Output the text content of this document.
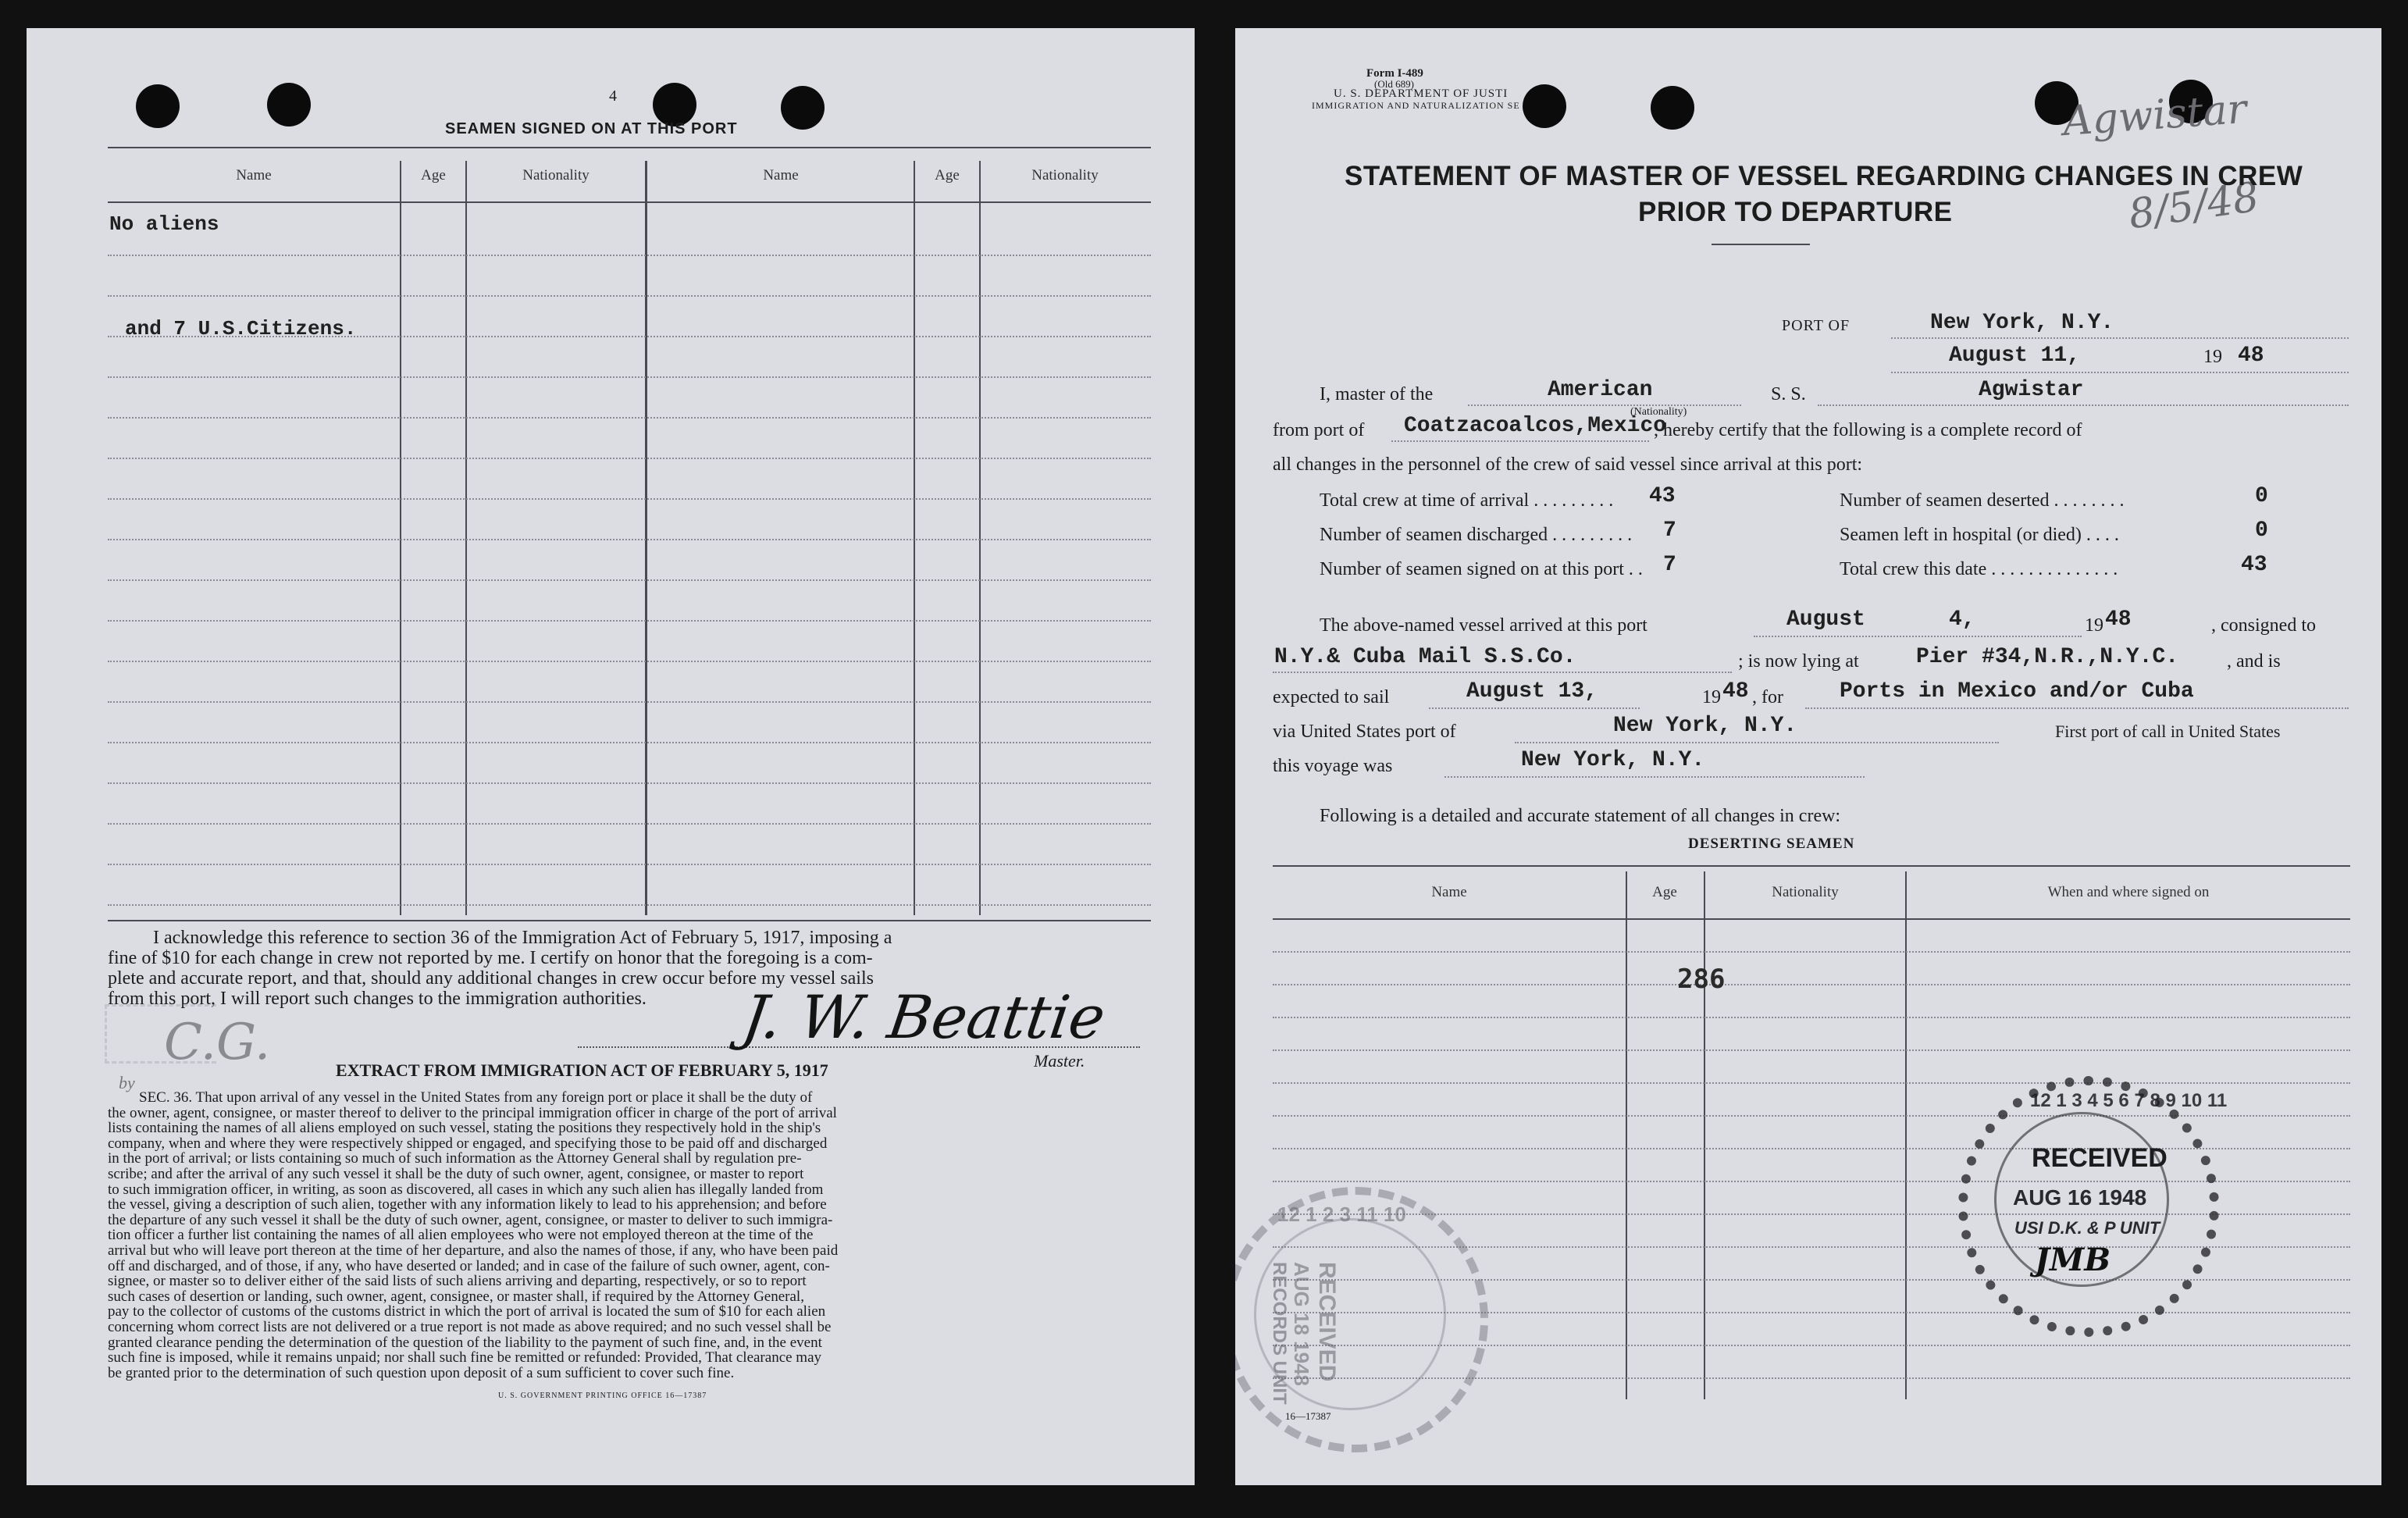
4
SEAMEN SIGNED ON AT THIS PORT
Name	Age	Nationality	Name	Age	Nationality
No aliens
and 7 U.S.Citizens.
I acknowledge this reference to section 36 of the Immigration Act of February 5, 1917, imposing a
fine of $10 for each change in crew not reported by me. I certify on honor that the foregoing is a com-
plete and accurate report, and that, should any additional changes in crew occur before my vessel sails
from this port, I will report such changes to the immigration authorities.
by
C.G.	J. W. Beattie
Master.
EXTRACT FROM IMMIGRATION ACT OF FEBRUARY 5, 1917
SEC. 36. That upon arrival of any vessel in the United States from any foreign port or place it shall be the duty of
the owner, agent, consignee, or master thereof to deliver to the principal immigration officer in charge of the port of arrival
lists containing the names of all aliens employed on such vessel, stating the positions they respectively hold in the ship's
company, when and where they were respectively shipped or engaged, and specifying those to be paid off and discharged
in the port of arrival; or lists containing so much of such information as the Attorney General shall by regulation pre-
scribe; and after the arrival of any such vessel it shall be the duty of such owner, agent, consignee, or master to report
to such immigration officer, in writing, as soon as discovered, all cases in which any such alien has illegally landed from
the vessel, giving a description of such alien, together with any information likely to lead to his apprehension; and before
the departure of any such vessel it shall be the duty of such owner, agent, consignee, or master to deliver to such immigra-
tion officer a further list containing the names of all alien employees who were not employed thereon at the time of the
arrival but who will leave port thereon at the time of her departure, and also the names of those, if any, who have been paid
off and discharged, and of those, if any, who have deserted or landed; and in case of the failure of such owner, agent, con-
signee, or master so to deliver either of the said lists of such aliens arriving and departing, respectively, or so to report
such cases of desertion or landing, such owner, agent, consignee, or master shall, if required by the Attorney General,
pay to the collector of customs of the customs district in which the port of arrival is located the sum of $10 for each alien
concerning whom correct lists are not delivered or a true report is not made as above required; and no such vessel shall be
granted clearance pending the determination of the question of the liability to the payment of such fine, and, in the event
such fine is imposed, while it remains unpaid; nor shall such fine be remitted or refunded: Provided, That clearance may
be granted prior to the determination of such question upon deposit of a sum sufficient to cover such fine.
U. S. GOVERNMENT PRINTING OFFICE 16—17387
Form I-489
(Old 689)
U. S. DEPARTMENT OF JUSTI
IMMIGRATION AND NATURALIZATION SE	Agwistar
8/5/48
STATEMENT OF MASTER OF VESSEL REGARDING CHANGES IN CREW
PRIOR TO DEPARTURE
PORT OF	New York, N.Y.
August 11,	19 48
I, master of the	American
(Nationality)
S. S.	Agwistar
from port of Coatzacoalcos,Mexico
, hereby certify that the following is a complete record of
all changes in the personnel of the crew of said vessel since arrival at this port:
Total crew at time of arrival . . . . . . . . . 43
Number of seamen discharged . . . . . . . . . 7
Number of seamen signed on at this port . . 7
Number of seamen deserted . . . . . . . .	0
Seamen left in hospital (or died) . . . .	0
Total crew this date . . . . . . . . . . . . . .	43
The above-named vessel arrived at this port	August	4,	19 48	, consigned to
N.Y.& Cuba Mail S.S.Co.	; is now lying at	Pier #34,N.R.,N.Y.C.	, and is
expected to sail	August 13,	19 48 , for	Ports in Mexico and/or Cuba
via United States port of	New York, N.Y.	First port of call in United States
this voyage was	New York, N.Y.
Following is a detailed and accurate statement of all changes in crew:
DESERTING SEAMEN
Name	Age	Nationality	When and where signed on
286
16—17387
12 1 2 3 11 10
RECEIVED
AUG 18 1948
RECORDS UNIT
12 1 3 4 5 6 7 8 9 10 11
RECEIVED
AUG 16 1948
USI D.K. & P UNIT
JMB
